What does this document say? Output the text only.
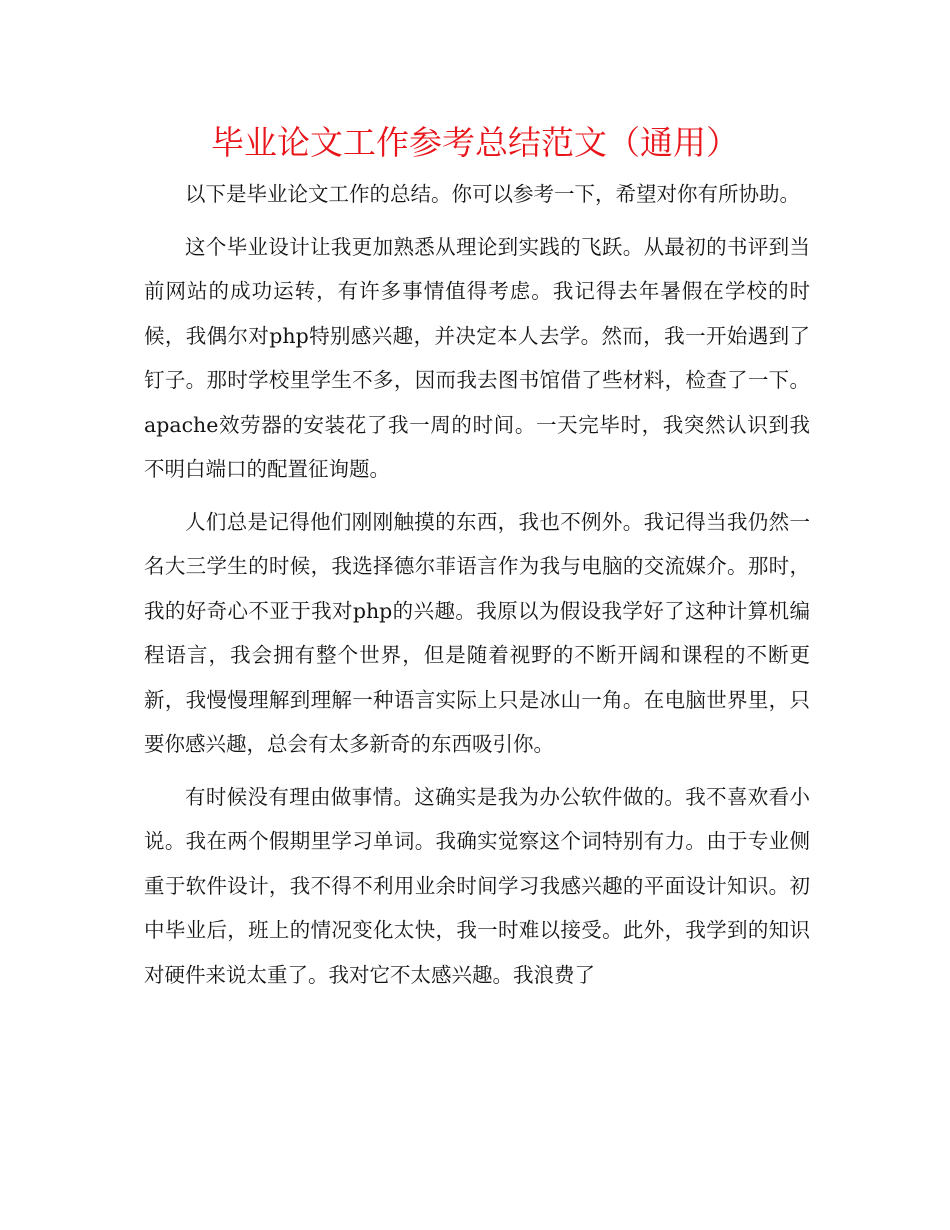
毕业论文工作参考总结范文（通用）

以下是毕业论文工作的总结。你可以参考一下，希望对你有所协助。

这个毕业设计让我更加熟悉从理论到实践的飞跃。从最初的书评到当前网站的成功运转，有许多事情值得考虑。我记得去年暑假在学校的时候，我偶尔对php特别感兴趣，并决定本人去学。然而，我一开始遇到了钉子。那时学校里学生不多，因而我去图书馆借了些材料，检查了一下。apache效劳器的安装花了我一周的时间。一天完毕时，我突然认识到我不明白端口的配置征询题。

人们总是记得他们刚刚触摸的东西，我也不例外。我记得当我仍然一名大三学生的时候，我选择德尔菲语言作为我与电脑的交流媒介。那时，我的好奇心不亚于我对php的兴趣。我原以为假设我学好了这种计算机编程语言，我会拥有整个世界，但是随着视野的不断开阔和课程的不断更新，我慢慢理解到理解一种语言实际上只是冰山一角。在电脑世界里，只要你感兴趣，总会有太多新奇的东西吸引你。

有时候没有理由做事情。这确实是我为办公软件做的。我不喜欢看小说。我在两个假期里学习单词。我确实觉察这个词特别有力。由于专业侧重于软件设计，我不得不利用业余时间学习我感兴趣的平面设计知识。初中毕业后，班上的情况变化太快，我一时难以接受。此外，我学到的知识对硬件来说太重了。我对它不太感兴趣。我浪费了
